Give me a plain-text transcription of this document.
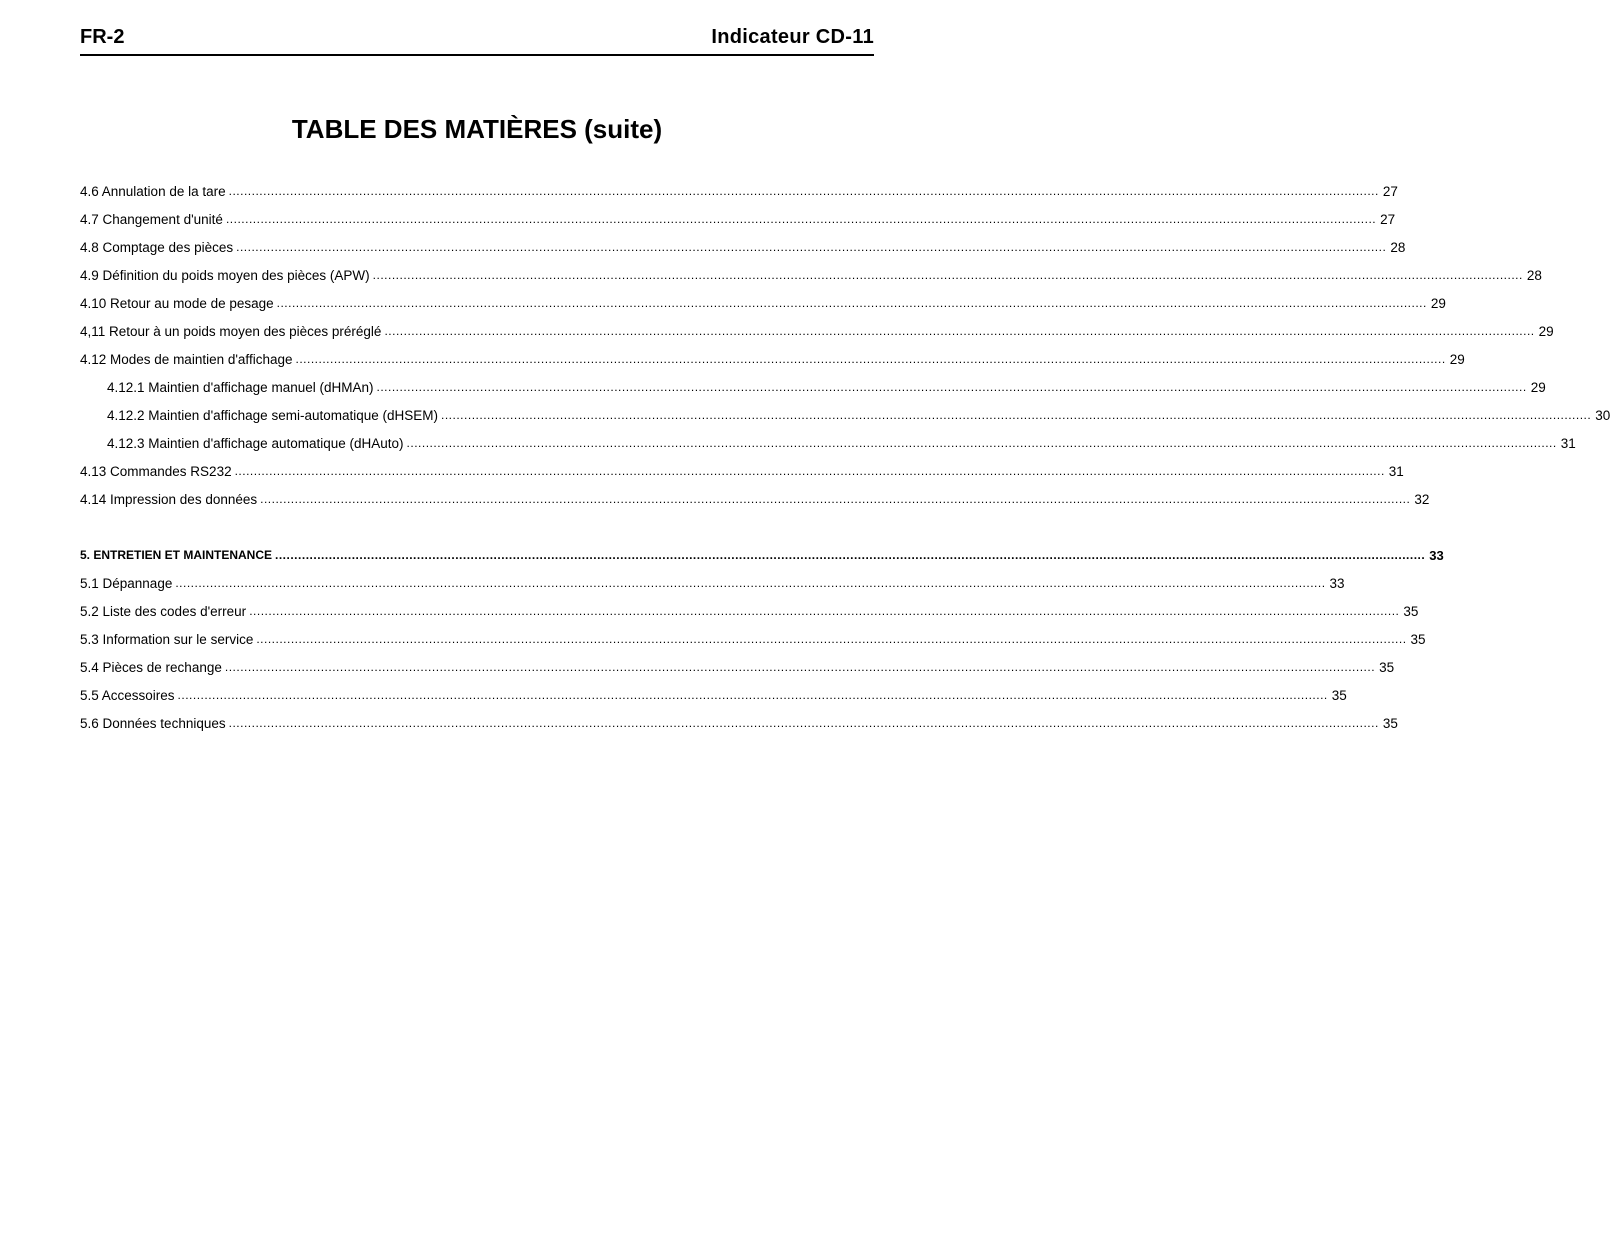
FR-2	Indicateur CD-11
TABLE DES MATIÈRES (suite)
4.6 Annulation de la tare ............................................................................................................................................................................................................................................................................................................ 27
4.7 Changement d'unité ............................................................................................................................................................................................................................................................................................................ 27
4.8 Comptage des pièces ............................................................................................................................................................................................................................................................................................................ 28
4.9 Définition du poids moyen des pièces (APW) ............................................................................................................................................................................................................................................................................................................ 28
4.10 Retour au mode de pesage ............................................................................................................................................................................................................................................................................................................ 29
4,11 Retour à un poids moyen des pièces préréglé ............................................................................................................................................................................................................................................................................................................ 29
4.12 Modes de maintien d'affichage ............................................................................................................................................................................................................................................................................................................ 29
4.12.1 Maintien d'affichage manuel (dHMAn) ............................................................................................................................................................................................................................................................................................................ 29
4.12.2 Maintien d'affichage semi-automatique (dHSEM) ............................................................................................................................................................................................................................................................................................................ 30
4.12.3 Maintien d'affichage automatique (dHAuto) ............................................................................................................................................................................................................................................................................................................ 31
4.13 Commandes RS232 ............................................................................................................................................................................................................................................................................................................ 31
4.14 Impression des données ............................................................................................................................................................................................................................................................................................................ 32
5. ENTRETIEN ET MAINTENANCE ............................................................................................................................................................................................................................................................................................................ 33
5.1 Dépannage ............................................................................................................................................................................................................................................................................................................ 33
5.2 Liste des codes d'erreur ............................................................................................................................................................................................................................................................................................................ 35
5.3 Information sur le service ............................................................................................................................................................................................................................................................................................................ 35
5.4 Pièces de rechange ............................................................................................................................................................................................................................................................................................................ 35
5.5 Accessoires ............................................................................................................................................................................................................................................................................................................ 35
5.6 Données techniques ............................................................................................................................................................................................................................................................................................................ 35
